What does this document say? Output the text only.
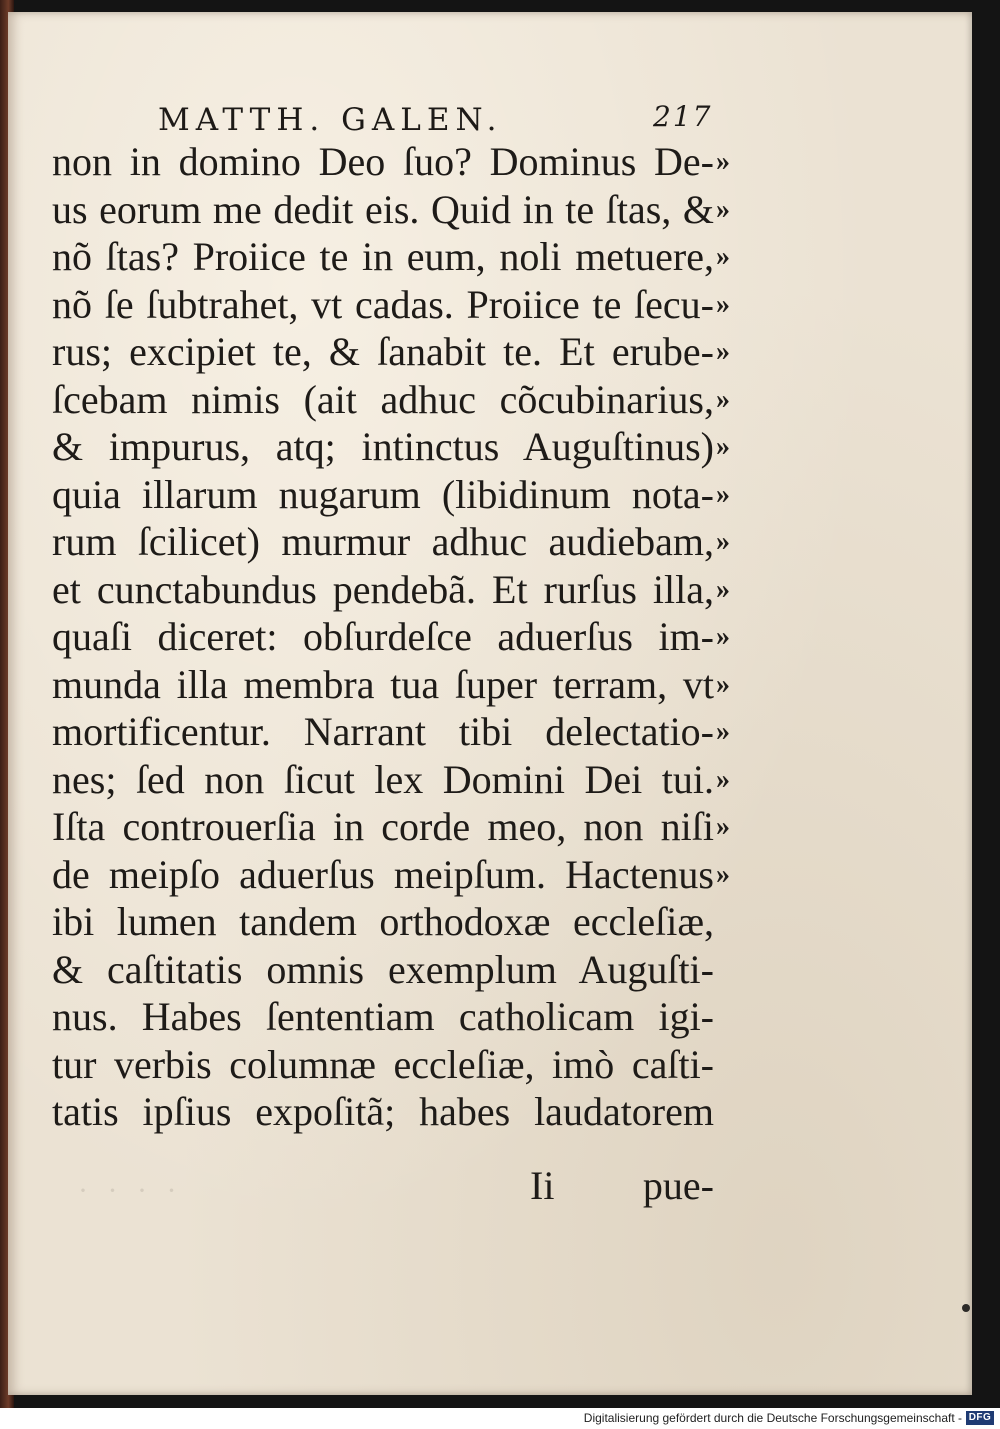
MATTH. GALEN.	217
non in domino Deo ſuo? Dominus De- »
us eorum me dedit eis. Quid in te ſtas, & »
nõ ſtas? Proiice te in eum, noli metuere, »
nõ ſe ſubtrahet, vt cadas. Proiice te ſecu- »
rus; excipiet te, & ſanabit te. Et erube- »
ſcebam nimis (ait adhuc cõcubinarius, »
& impurus, atq; intinctus Auguſtinus) »
quia illarum nugarum (libidinum nota- »
rum ſcilicet) murmur adhuc audiebam, »
et cunctabundus pendebã. Et rurſus illa, »
quaſi diceret: obſurdeſce aduerſus im- »
munda illa membra tua ſuper terram, vt »
mortificentur. Narrant tibi delectatio- »
nes; ſed non ſicut lex Domini Dei tui. »
Iſta controuerſia in corde meo, non niſi »
de meipſo aduerſus meipſum. Hactenus »
ibi lumen tandem orthodoxæ eccleſiæ,
& caſtitatis omnis exemplum Auguſti-
nus. Habes ſententiam catholicam igi-
tur verbis columnæ eccleſiæ, imò caſti-
tatis ipſius expoſitã; habes laudatorem
· · · ·	Ii pue-
Digitalisierung gefördert durch die Deutsche Forschungsgemeinschaft - DFG
